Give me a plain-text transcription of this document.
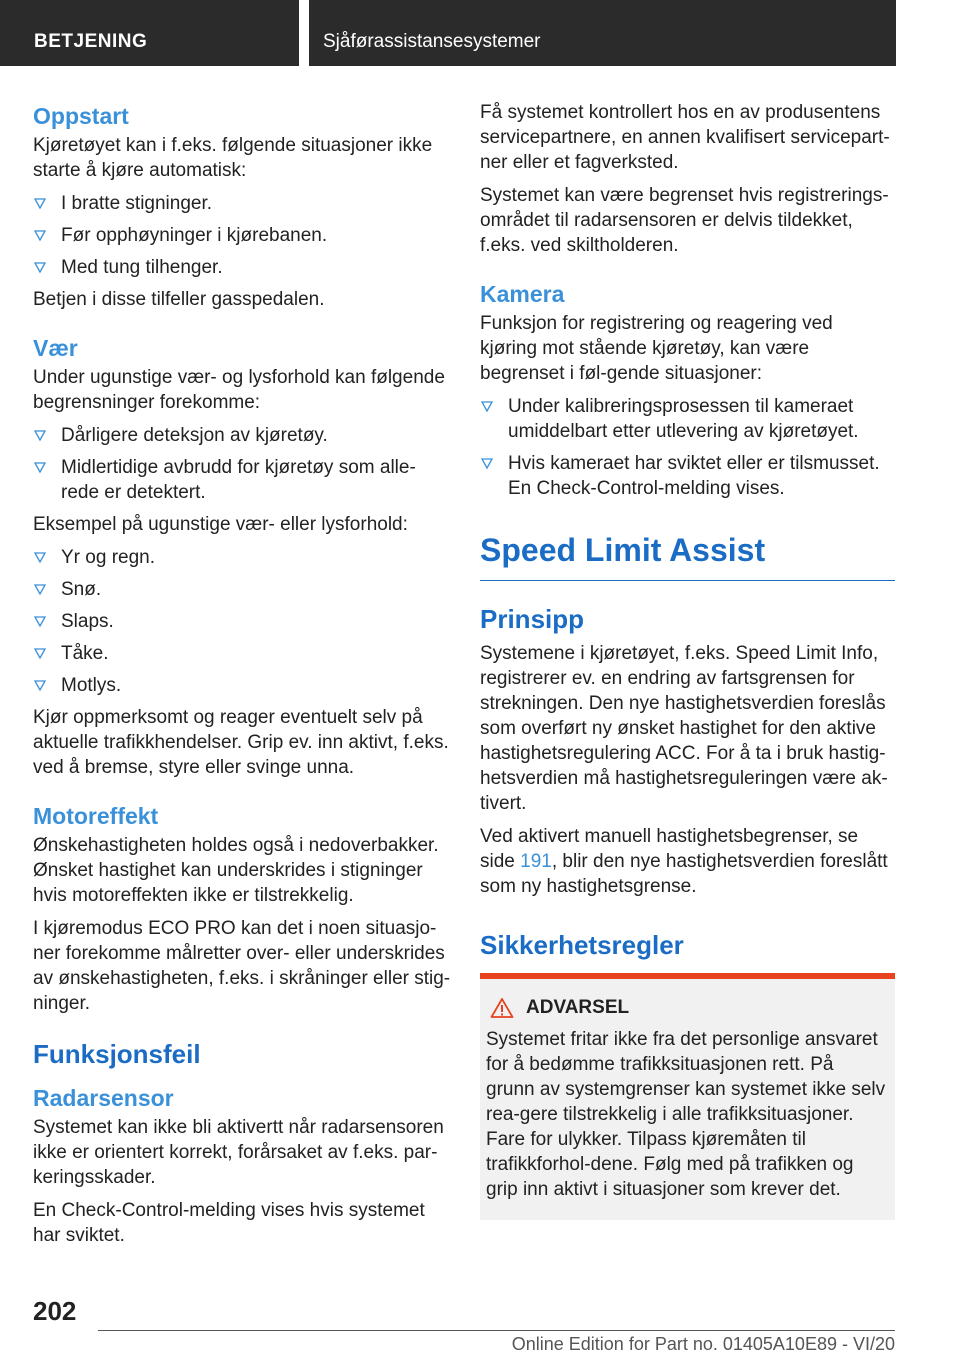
BETJENING	Sjåførassistansesystemer
Oppstart

Kjøretøyet kan i f.eks. følgende situasjoner ikke starte å kjøre automatisk:

I bratte stigninger.
Før opphøyninger i kjørebanen.
Med tung tilhenger.

Betjen i disse tilfeller gasspedalen.

Vær

Under ugunstige vær- og lysforhold kan følgende begrensninger forekomme:

Dårligere deteksjon av kjøretøy.
Midlertidige avbrudd for kjøretøy som alle-rede er detektert.

Eksempel på ugunstige vær- eller lysforhold:

Yr og regn.
Snø.
Slaps.
Tåke.
Motlys.

Kjør oppmerksomt og reager eventuelt selv på aktuelle trafikkhendelser. Grip ev. inn aktivt, f.eks. ved å bremse, styre eller svinge unna.

Motoreffekt

Ønskehastigheten holdes også i nedoverbakker. Ønsket hastighet kan underskrides i stigninger hvis motoreffekten ikke er tilstrekkelig.

I kjøremodus ECO PRO kan det i noen situasjo-ner forekomme målretter over- eller underskrides av ønskehastigheten, f.eks. i skråninger eller stig-ninger.

Funksjonsfeil
Radarsensor

Systemet kan ikke bli aktivertt når radarsensoren ikke er orientert korrekt, forårsaket av f.eks. par-keringsskader.

En Check-Control-melding vises hvis systemet har sviktet.

Få systemet kontrollert hos en av produsentens servicepartnere, en annen kvalifisert servicepart-ner eller et fagverksted.

Systemet kan være begrenset hvis registrerings-området til radarsensoren er delvis tildekket, f.eks. ved skiltholderen.

Kamera

Funksjon for registrering og reagering ved kjøring mot stående kjøretøy, kan være begrenset i føl-gende situasjoner:

Under kalibreringsprosessen til kameraet umiddelbart etter utlevering av kjøretøyet.
Hvis kameraet har sviktet eller er tilsmusset. En Check-Control-melding vises.
Speed Limit Assist
Prinsipp

Systemene i kjøretøyet, f.eks. Speed Limit Info, registrerer ev. en endring av fartsgrensen for strekningen. Den nye hastighetsverdien foreslås som overført ny ønsket hastighet for den aktive hastighetsregulering ACC. For å ta i bruk hastig-hetsverdien må hastighetsreguleringen være ak-tivert.

Ved aktivert manuell hastighetsbegrenser, se side 191, blir den nye hastighetsverdien foreslått som ny hastighetsgrense.

Sikkerhetsregler
ADVARSEL

Systemet fritar ikke fra det personlige ansvaret for å bedømme trafikksituasjonen rett. På grunn av systemgrenser kan systemet ikke selv rea-gere tilstrekkelig i alle trafikksituasjoner. Fare for ulykker. Tilpass kjøremåten til trafikkforhol-dene. Følg med på trafikken og grip inn aktivt i situasjoner som krever det.

202
Online Edition for Part no. 01405A10E89 - VI/20
